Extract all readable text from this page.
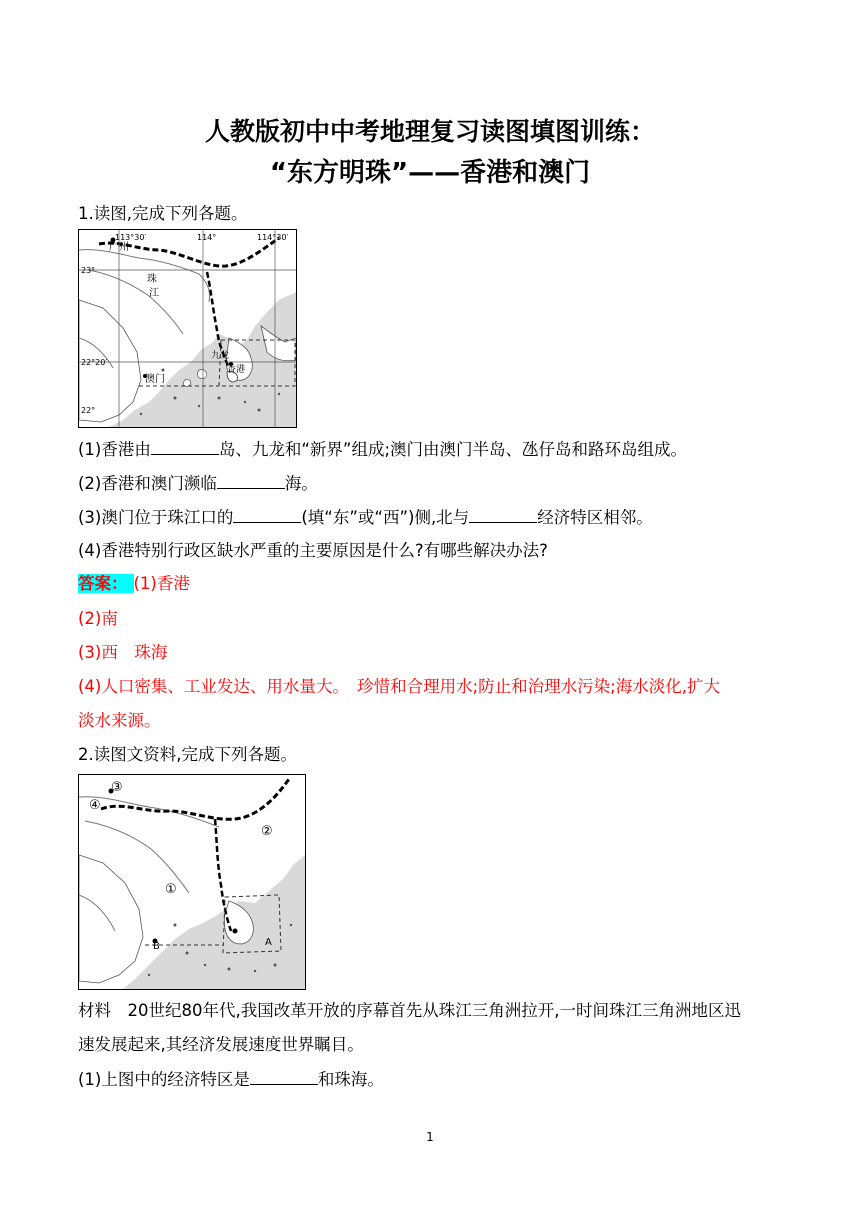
人教版初中中考地理复习读图填图训练：
“东方明珠”——香港和澳门
1.读图,完成下列各题。
113°30′	114°	114°30′
23°
22°20′
22°
广州
珠
江
九龙
香港
澳门
(1)香港由	岛、九龙和“新界”组成;澳门由澳门半岛、氹仔岛和路环岛组成。
(2)香港和澳门濒临	海。
(3)澳门位于珠江口的	(填“东”或“西”)侧,北与	经济特区相邻。
(4)香港特别行政区缺水严重的主要原因是什么?有哪些解决办法?
答案： (1)香港
(2)南
(3)西　珠海
(4)人口密集、工业发达、用水量大。　珍惜和合理用水;防止和治理水污染;海水淡化,扩大
淡水来源。
2.读图文资料,完成下列各题。
③
④
②
①
B	A
材料　20世纪80年代,我国改革开放的序幕首先从珠江三角洲拉开,一时间珠江三角洲地区迅
速发展起来,其经济发展速度世界瞩目。
(1)上图中的经济特区是	和珠海。
1
